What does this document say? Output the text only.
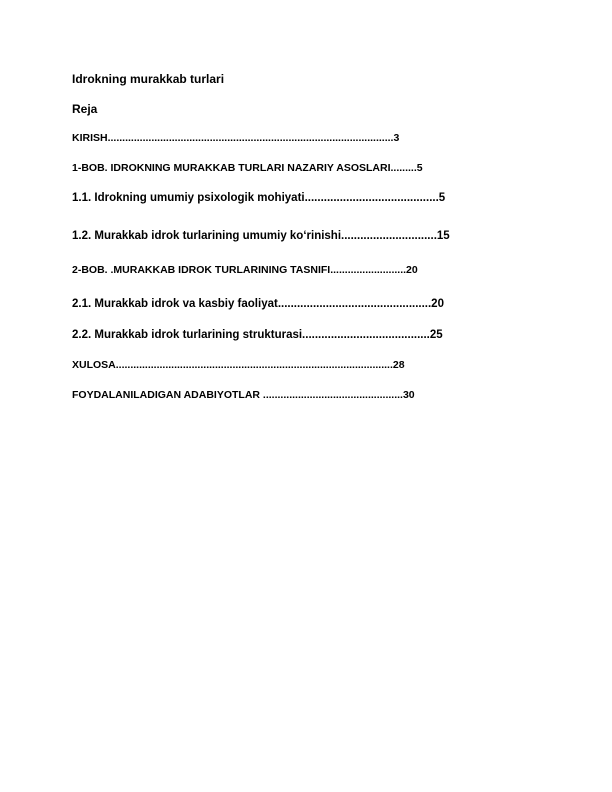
Idrokning murakkab turlari
Reja
KIRISH..................................................................................................3
1-BOB. IDROKNING MURAKKAB TURLARI NAZARIY ASOSLARI.........5
1.1. Idrokning umumiy psixologik mohiyati..........................................5
1.2. Murakkab idrok turlarining umumiy ko‘rinishi..............................15
2-BOB. .MURAKKAB IDROK TURLARINING TASNIFI..........................20
2.1. Murakkab idrok va kasbiy faoliyat................................................20
2.2. Murakkab idrok turlarining strukturasi........................................25
XULOSA...............................................................................................28
FOYDALANILADIGAN ADABIYOTLAR ................................................30
